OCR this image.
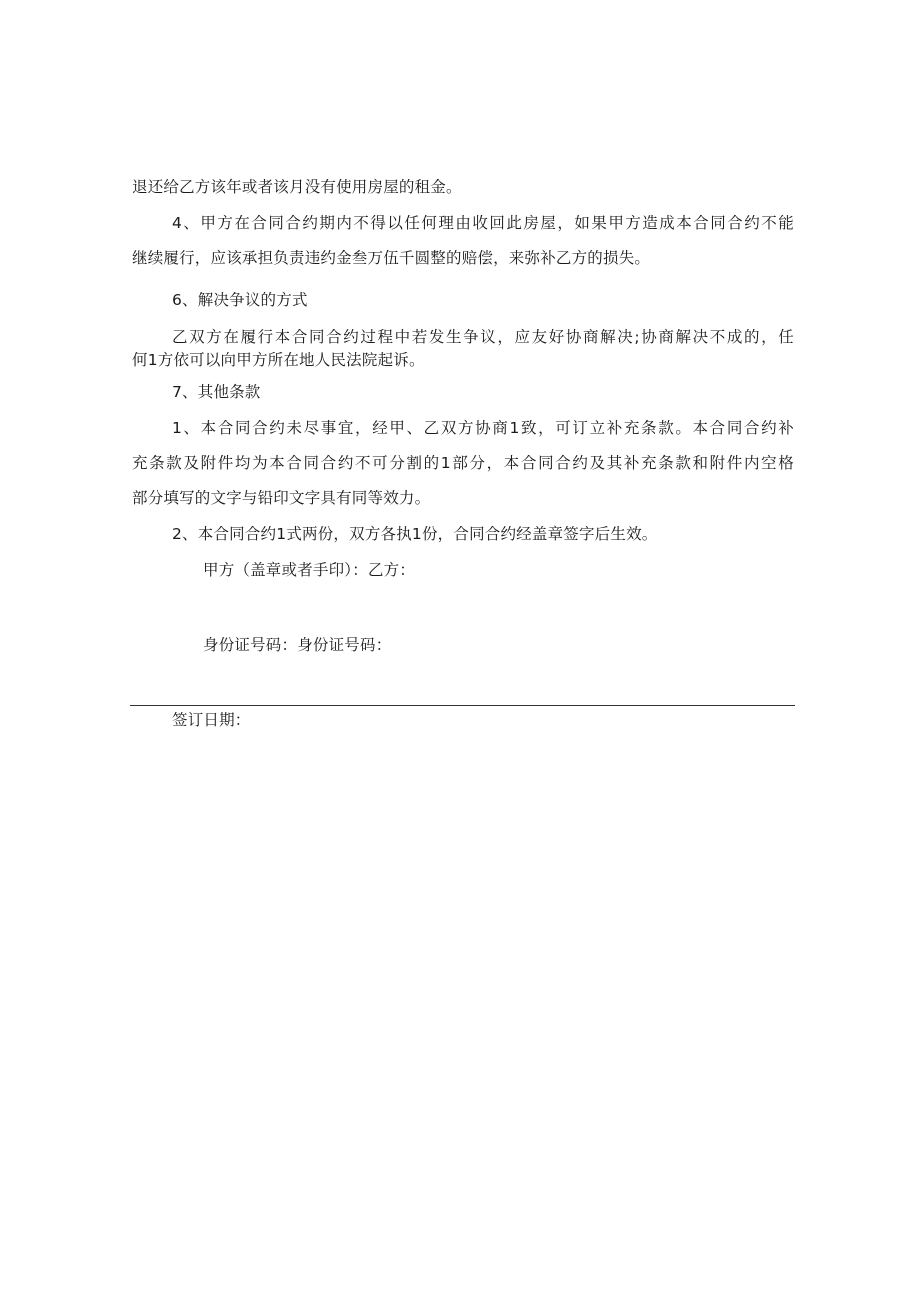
退还给乙方该年或者该月没有使用房屋的租金。
4、甲方在合同合约期内不得以任何理由收回此房屋，如果甲方造成本合同合约不能
继续履行，应该承担负责违约金叁万伍千圆整的赔偿，来弥补乙方的损失。
6、解决争议的方式
乙双方在履行本合同合约过程中若发生争议，应友好协商解决;协商解决不成的，任
何1方依可以向甲方所在地人民法院起诉。
7、其他条款
1、本合同合约未尽事宜，经甲、乙双方协商1致，可订立补充条款。本合同合约补
充条款及附件均为本合同合约不可分割的1部分，本合同合约及其补充条款和附件内空格
部分填写的文字与铅印文字具有同等效力。
2、本合同合约1式两份，双方各执1份，合同合约经盖章签字后生效。
甲方（盖章或者手印）：乙方：
身份证号码：身份证号码：
签订日期：
